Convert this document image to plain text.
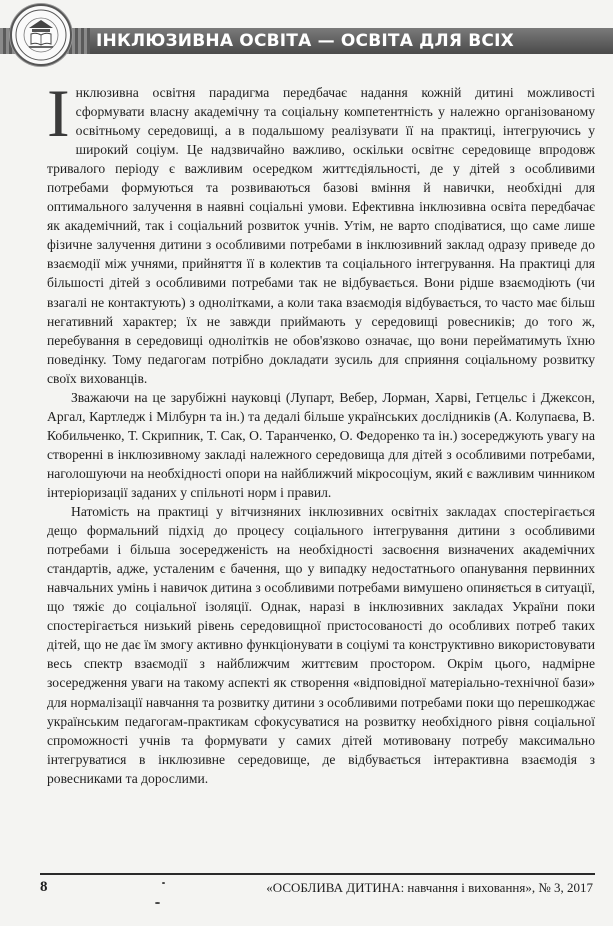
ІНКЛЮЗИВНА ОСВІТА — ОСВІТА ДЛЯ ВСІХ

Інклюзивна освітня парадигма передбачає надання кожній дитині можливості сформувати власну академічну та соціальну компетентність у належно організованому освітньому середовищі, а в подальшому реалізувати її на практиці, інтегруючись у широкий соціум. Це надзвичайно важливо, оскільки освітнє середовище впродовж тривалого періоду є важливим осередком життєдіяльності, де у дітей з особливими потребами формуються та розвиваються базові вміння й навички, необхідні для оптимального залучення в наявні соціальні умови. Ефективна інклюзивна освіта передбачає як академічний, так і соціальний розвиток учнів. Утім, не варто сподіватися, що саме лише фізичне залучення дитини з особливими потребами в інклюзивний заклад одразу приведе до взаємодії між учнями, прийняття її в колектив та соціального інтегрування. На практиці для більшості дітей з особливими потребами так не відбувається. Вони рідше взаємодіють (чи взагалі не контактують) з однолітками, а коли така взаємодія відбувається, то часто має більш негативний характер; їх не завжди приймають у середовищі ровесників; до того ж, перебування в середовищі однолітків не обов'язково означає, що вони перейматимуть їхню поведінку. Тому педагогам потрібно докладати зусиль для сприяння соціальному розвитку своїх вихованців.

Зважаючи на це зарубіжні науковці (Лупарт, Вебер, Лорман, Харві, Гетцельс і Джексон, Аргал, Картледж і Мілбурн та ін.) та дедалі більше українських дослідників (А. Колупаєва, В. Кобильченко, Т. Скрипник, Т. Сак, О. Таранченко, О. Федоренко та ін.) зосереджують увагу на створенні в інклюзивному закладі належного середовища для дітей з особливими потребами, наголошуючи на необхідності опори на найближчий мікросоціум, який є важливим чинником інтеріоризації заданих у спільноті норм і правил.

Натомість на практиці у вітчизняних інклюзивних освітніх закладах спостерігається дещо формальний підхід до процесу соціального інтегрування дитини з особливими потребами і більша зосередженість на необхідності засвоєння визначених академічних стандартів, адже, усталеним є бачення, що у випадку недостатнього опанування первинних навчальних умінь і навичок дитина з особливими потребами вимушено опиняється в ситуації, що тяжіє до соціальної ізоляції. Однак, наразі в інклюзивних закладах України поки спостерігається низький рівень середовищної пристосованості до особливих потреб таких дітей, що не дає їм змогу активно функціонувати в соціумі та конструктивно використовувати весь спектр взаємодії з найближчим життєвим простором. Окрім цього, надмірне зосередження уваги на такому аспекті як створення «відповідної матеріально-технічної бази» для нормалізації навчання та розвитку дитини з особливими потребами поки що перешкоджає українським педагогам-практикам сфокусуватися на розвитку необхідного рівня соціальної спроможності учнів та формувати у самих дітей мотивовану потребу максимально інтегруватися в інклюзивне середовище, де відбувається інтерактивна взаємодія з ровесниками та дорослими.

8	«ОСОБЛИВА ДИТИНА: навчання і виховання», № 3, 2017
